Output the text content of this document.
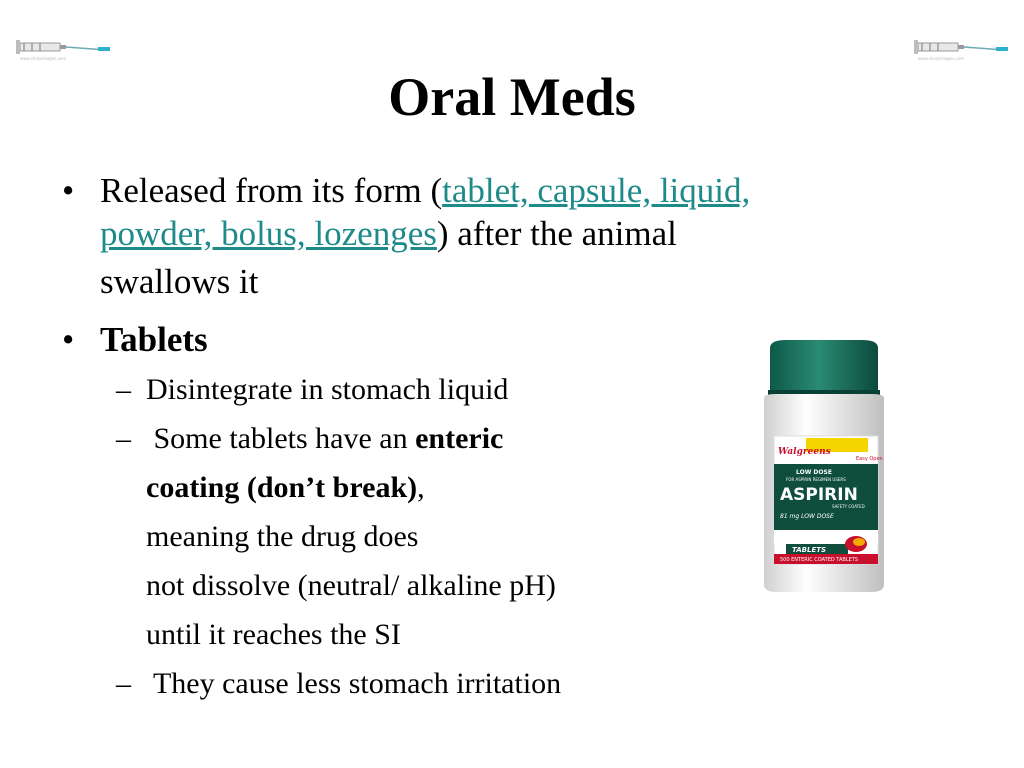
www.sharpimages.com	www.sharpimages.com
Oral Meds
• Released from its form (tablet, capsule, liquid,
powder, bolus, lozenges) after the animal
swallows it
• Tablets
– Disintegrate in stomach liquid
– Some tablets have an enteric
coating (don’t break),
meaning the drug does
not dissolve (neutral/ alkaline pH)
until it reaches the SI
– They cause less stomach irritation
Walgreens
Easy Open
LOW DOSE
FOR ASPIRIN REGIMEN USERS
ASPIRIN
SAFETY COATED
81 mg LOW DOSE
TABLETS
500 ENTERIC COATED TABLETS
